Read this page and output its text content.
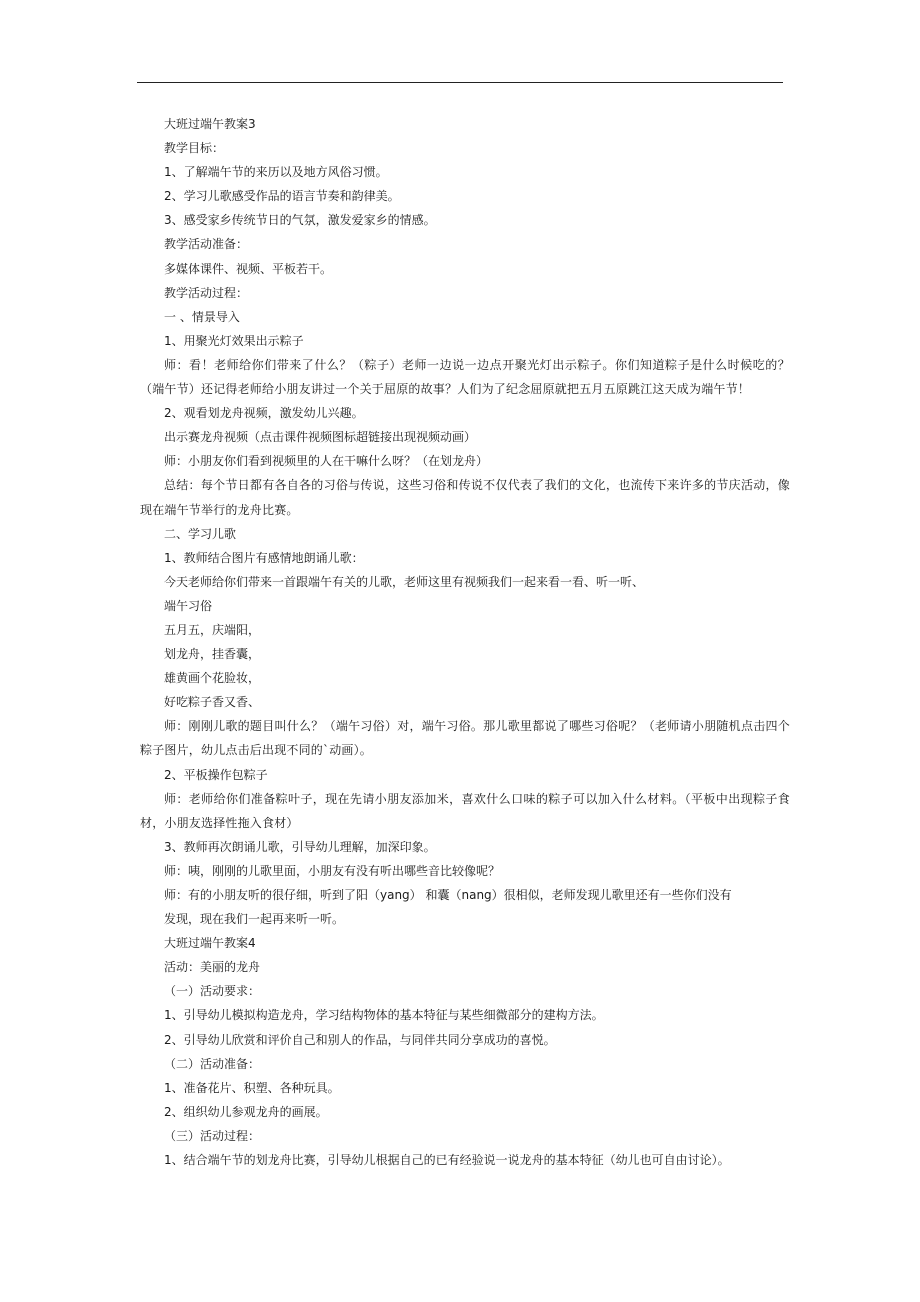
大班过端午教案3

教学目标：

1、了解端午节的来历以及地方风俗习惯。

2、学习儿歌感受作品的语言节奏和韵律美。

3、感受家乡传统节日的气氛，激发爱家乡的情感。

教学活动准备：

多媒体课件、视频、平板若干。

教学活动过程：

一 、情景导入

1、用聚光灯效果出示粽子

师：看！老师给你们带来了什么？（粽子）老师一边说一边点开聚光灯出示粽子。你们知道粽子是什么时候吃的？（端午节）还记得老师给小朋友讲过一个关于屈原的故事？人们为了纪念屈原就把五月五原跳江这天成为端午节！

2、观看划龙舟视频，激发幼儿兴趣。

出示赛龙舟视频（点击课件视频图标超链接出现视频动画）

师：小朋友你们看到视频里的人在干嘛什么呀？（在划龙舟）

总结：每个节日都有各自各的习俗与传说，这些习俗和传说不仅代表了我们的文化，也流传下来许多的节庆活动，像现在端午节举行的龙舟比赛。

二、学习儿歌

1、教师结合图片有感情地朗诵儿歌：

今天老师给你们带来一首跟端午有关的儿歌，老师这里有视频我们一起来看一看、听一听、

端午习俗

五月五，庆端阳，

划龙舟，挂香囊，

雄黄画个花脸妆，

好吃粽子香又香、

师：刚刚儿歌的题目叫什么？（端午习俗）对，端午习俗。那儿歌里都说了哪些习俗呢？（老师请小朋随机点击四个粽子图片，幼儿点击后出现不同的`动画）。

2、平板操作包粽子

师：老师给你们准备粽叶子，现在先请小朋友添加米，喜欢什么口味的粽子可以加入什么材料。（平板中出现粽子食材，小朋友选择性拖入食材）

3、教师再次朗诵儿歌，引导幼儿理解，加深印象。

师：咦，刚刚的儿歌里面，小朋友有没有听出哪些音比较像呢？

师：有的小朋友听的很仔细，听到了阳（yang） 和囊（nang）很相似，老师发现儿歌里还有一些你们没有

发现，现在我们一起再来听一听。

大班过端午教案4

活动：美丽的龙舟

（一）活动要求：

1、引导幼儿模拟构造龙舟，学习结构物体的基本特征与某些细微部分的建构方法。

2、引导幼儿欣赏和评价自己和别人的作品，与同伴共同分享成功的喜悦。

（二）活动准备：

1、准备花片、积塑、各种玩具。

2、组织幼儿参观龙舟的画展。

（三）活动过程：

1、结合端午节的划龙舟比赛，引导幼儿根据自己的已有经验说一说龙舟的基本特征（幼儿也可自由讨论）。
